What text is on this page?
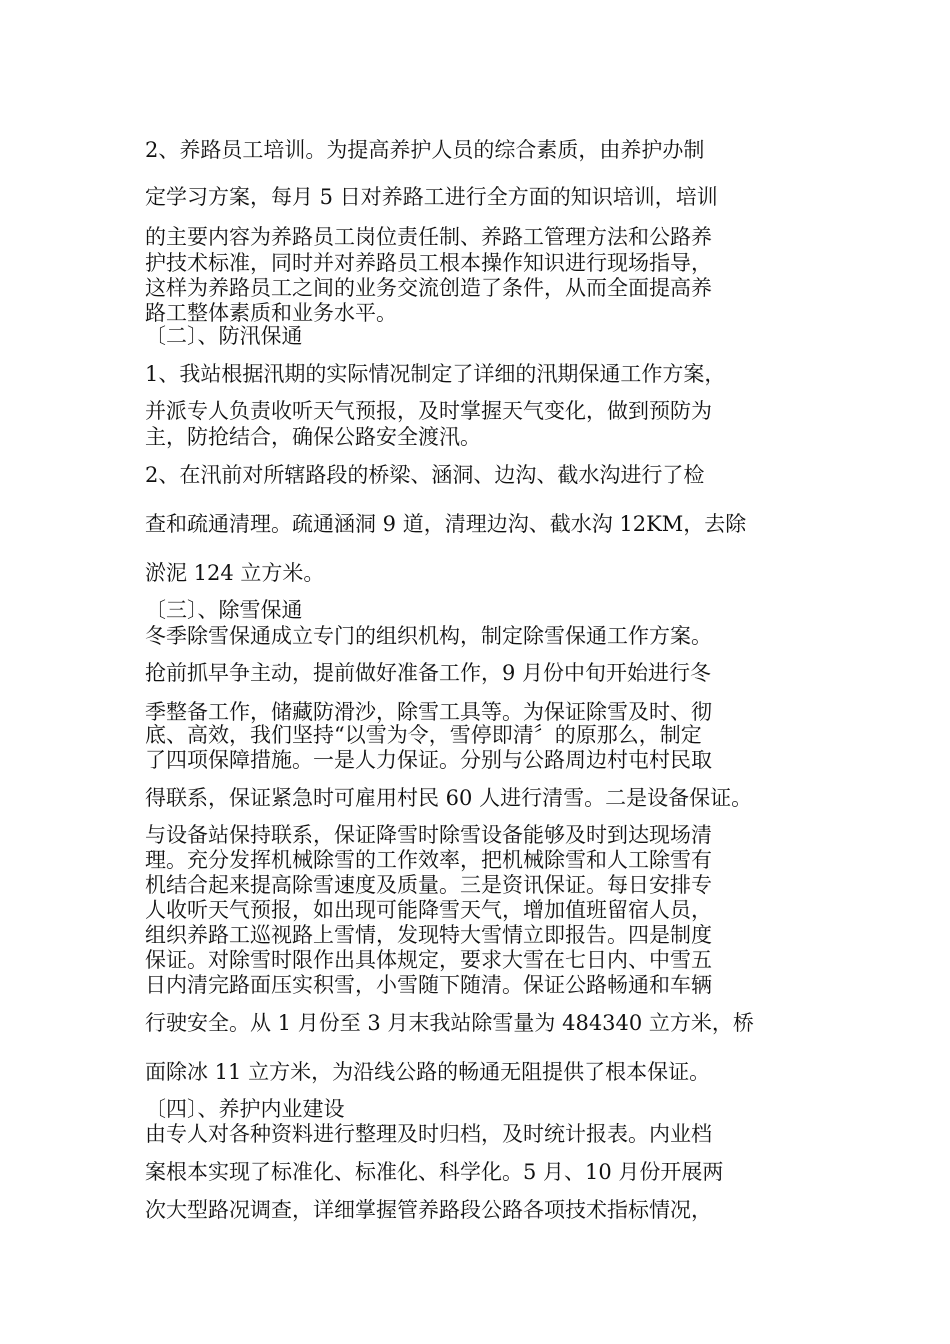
2、养路员工培训。为提高养护人员的综合素质，由养护办制
定学习方案，每月 5 日对养路工进行全方面的知识培训，培训
的主要内容为养路员工岗位责任制、养路工管理方法和公路养
护技术标准，同时并对养路员工根本操作知识进行现场指导，
这样为养路员工之间的业务交流创造了条件，从而全面提高养
路工整体素质和业务水平。
〔二〕、防汛保通
1、我站根据汛期的实际情况制定了详细的汛期保通工作方案，
并派专人负责收听天气预报，及时掌握天气变化，做到预防为
主，防抢结合，确保公路安全渡汛。
2、在汛前对所辖路段的桥梁、涵洞、边沟、截水沟进行了检
查和疏通清理。疏通涵洞 9 道，清理边沟、截水沟 12KM，去除
淤泥 124 立方米。
〔三〕、除雪保通
冬季除雪保通成立专门的组织机构，制定除雪保通工作方案。
抢前抓早争主动，提前做好准备工作，9 月份中旬开始进行冬
季整备工作，储藏防滑沙，除雪工具等。为保证除雪及时、彻
底、高效，我们坚持“以雪为令，雪停即清〞的原那么，制定
了四项保障措施。一是人力保证。分别与公路周边村屯村民取
得联系，保证紧急时可雇用村民 60 人进行清雪。二是设备保证。
与设备站保持联系，保证降雪时除雪设备能够及时到达现场清
理。充分发挥机械除雪的工作效率，把机械除雪和人工除雪有
机结合起来提高除雪速度及质量。三是资讯保证。每日安排专
人收听天气预报，如出现可能降雪天气，增加值班留宿人员，
组织养路工巡视路上雪情，发现特大雪情立即报告。四是制度
保证。对除雪时限作出具体规定，要求大雪在七日内、中雪五
日内清完路面压实积雪，小雪随下随清。保证公路畅通和车辆
行驶安全。从 1 月份至 3 月末我站除雪量为 484340 立方米，桥
面除冰 11 立方米，为沿线公路的畅通无阻提供了根本保证。
〔四〕、养护内业建设
由专人对各种资料进行整理及时归档，及时统计报表。内业档
案根本实现了标准化、标准化、科学化。5 月、10 月份开展两
次大型路况调查，详细掌握管养路段公路各项技术指标情况，
